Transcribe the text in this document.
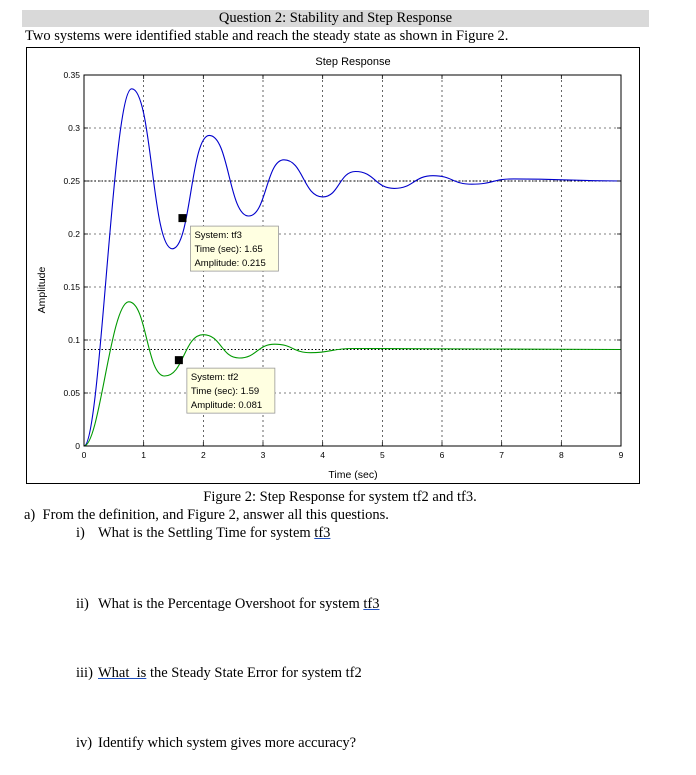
Question 2: Stability and Step Response
Two systems were identified stable and reach the steady state as shown in Figure 2.
Step Response
Time (sec)
Amplitude
0	1	2	3	4	5	6	7	8	9
0
0.05
0.1
0.15
0.2
0.25
0.3
0.35
System: tf3
Time (sec): 1.65
Amplitude: 0.215
System: tf2
Time (sec): 1.59
Amplitude: 0.081
Figure 2: Step Response for system tf2 and tf3.
a) From the definition, and Figure 2, answer all this questions.
i) What is the Settling Time for system tf3
ii) What is the Percentage Overshoot for system tf3
iii) What  is the Steady State Error for system tf2
iv) Identify which system gives more accuracy?
